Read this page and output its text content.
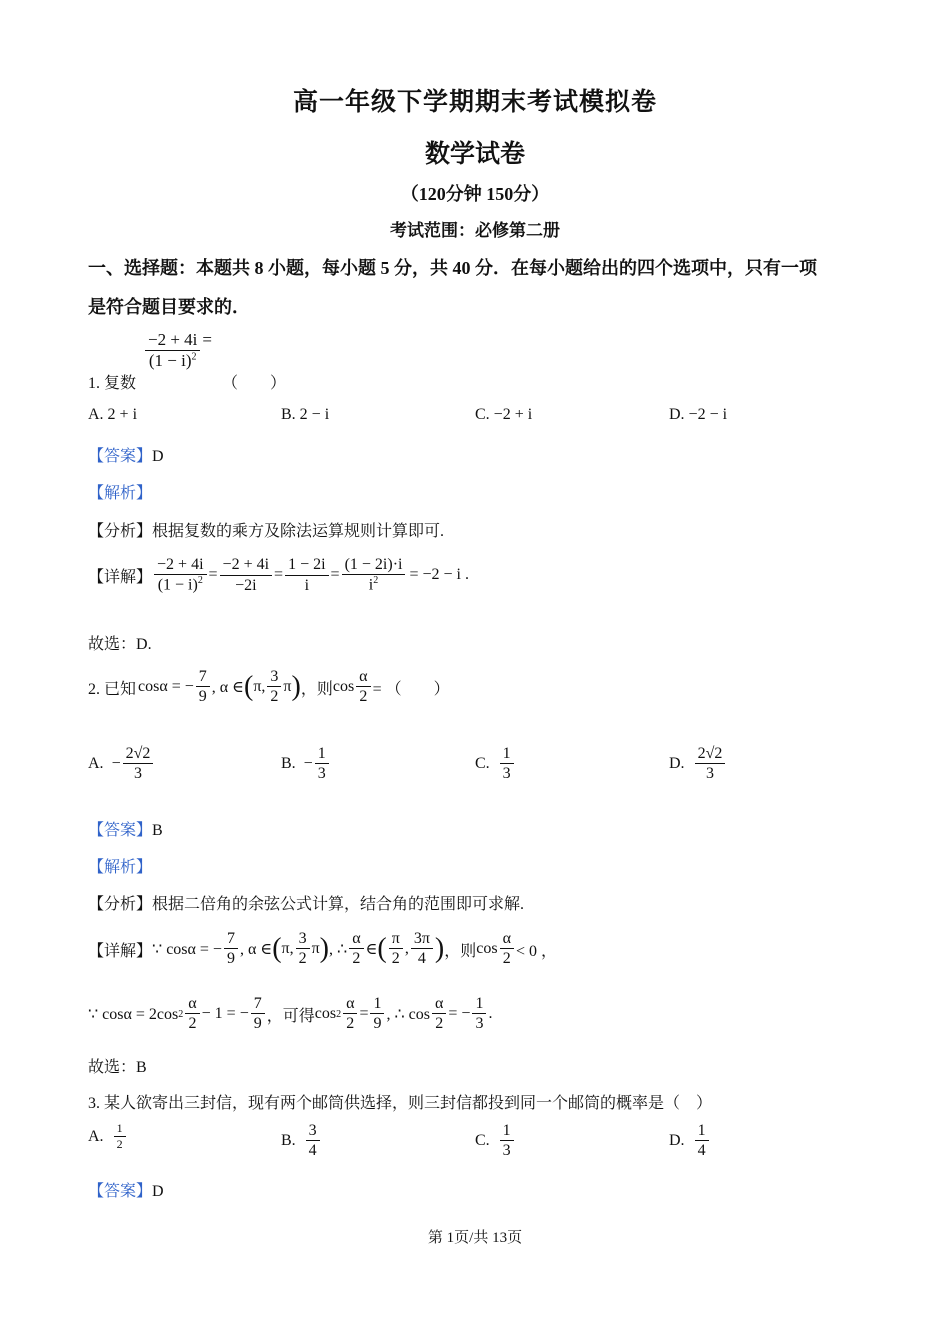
高一年级下学期期末考试模拟卷
数学试卷
（120分钟 150分）
考试范围：必修第二册
一、选择题：本题共 8 小题，每小题 5 分，共 40 分．在每小题给出的四个选项中，只有一项
是符合题目要求的．
$\frac{-2 + 4i}{(1 - i)^2}$ =
1. 复数	（　　）
A. 2 + i	B. 2 − i	C. −2 + i	D. −2 − i
【答案】D
【解析】
【分析】根据复数的乘方及除法运算规则计算即可.
【详解】 $\frac{-2 + 4i}{(1 - i)^2} = \frac{-2 + 4i}{-2i} = \frac{1 - 2i}{i} = \frac{(1 - 2i)\cdot i}{i^2} = -2 - i$ .
故选：D.
2. 已知 cosα = − $\frac{7}{9}$ , α ∈ ( π, $\frac{3}{2}$ π ) ，则 $\cos \frac{\alpha}{2}$ = （　　）
A. − $\frac{2√2}{3}$	B. − $\frac{1}{3}$	C. $\frac{1}{3}$	D. $\frac{2√2}{3}$
【答案】B
【解析】
【分析】根据二倍角的余弦公式计算，结合角的范围即可求解.
【详解】 ∵ cosα = − $\frac{7}{9}$ , α ∈ ( π, $\frac{3}{2}$ π ) , ∴ $\frac{\alpha}{2}$ ∈ ( $\frac{\pi}{2}$ , $\frac{3\pi}{4}$ ) ，则 $\cos \frac{\alpha}{2} < 0$ ，
∵ cosα = 2cos $2 \frac{\alpha}{2} - 1$ = − $\frac{7}{9}$ ，可得 $\cos 2 \frac{\alpha}{2} = \frac{1}{9}$ , ∴ $\cos \frac{\alpha}{2}$ = − $\frac{1}{3}$ .
故选：B
3. 某人欲寄出三封信，现有两个邮筒供选择，则三封信都投到同一个邮筒的概率是（　）
A. $\frac{1}{2}$	B. $\frac{3}{4}$	C. $\frac{1}{3}$	D. $\frac{1}{4}$
【答案】D
第 1页/共 13页
